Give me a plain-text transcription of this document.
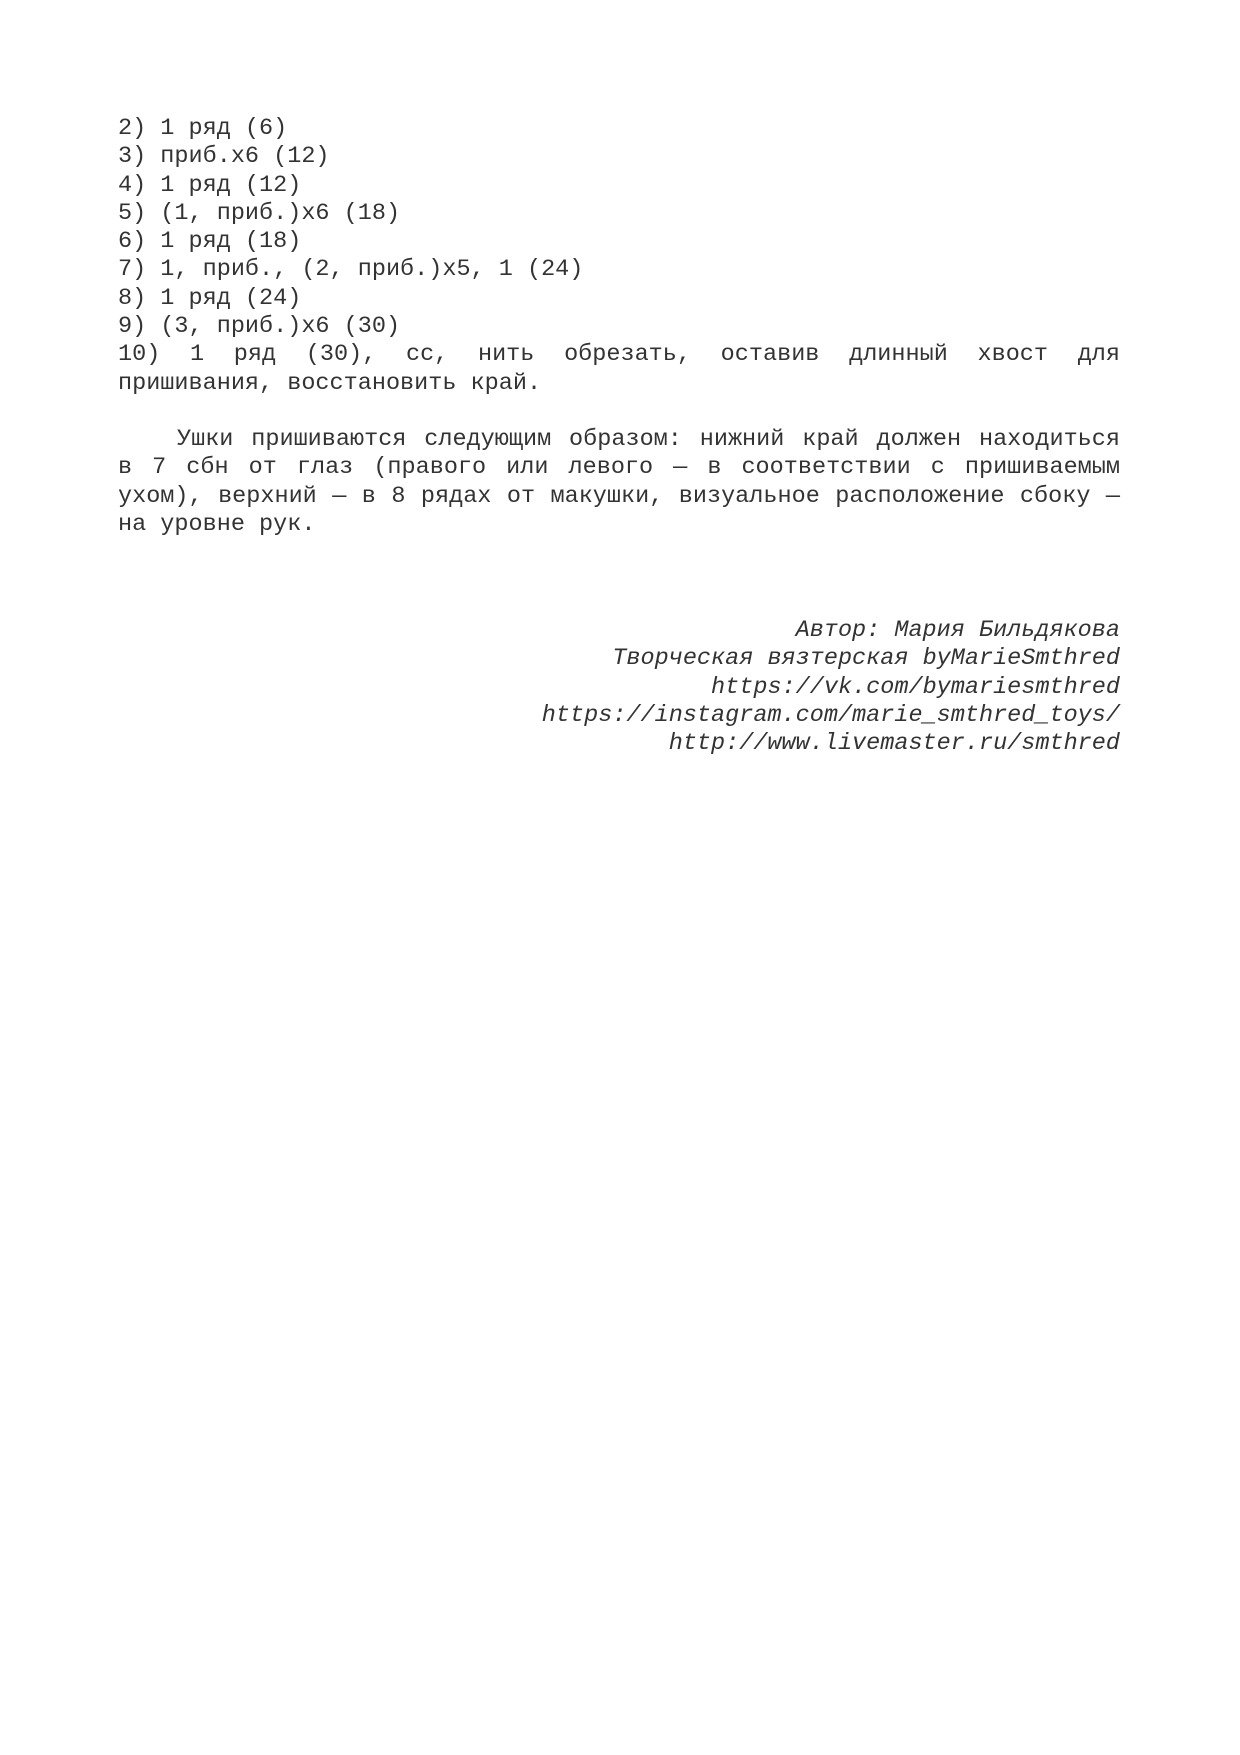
2) 1 ряд (6)

3) приб.х6 (12)

4) 1 ряд (12)

5) (1, приб.)х6 (18)

6) 1 ряд (18)

7) 1, приб., (2, приб.)х5, 1 (24)

8) 1 ряд (24)

9) (3, приб.)х6 (30)

10) 1 ряд (30), сс, нить обрезать, оставив длинный хвост для пришивания, восстановить край.

Ушки пришиваются следующим образом: нижний край должен находиться в 7 сбн от глаз (правого или левого — в соответствии с пришиваемым ухом), верхний — в 8 рядах от макушки, визуальное расположение сбоку — на уровне рук.

Автор: Мария Бильдякова
Творческая вязтерская byMarieSmthred
https://vk.com/bymariesmthred
https://instagram.com/marie_smthred_toys/
http://www.livemaster.ru/smthred
